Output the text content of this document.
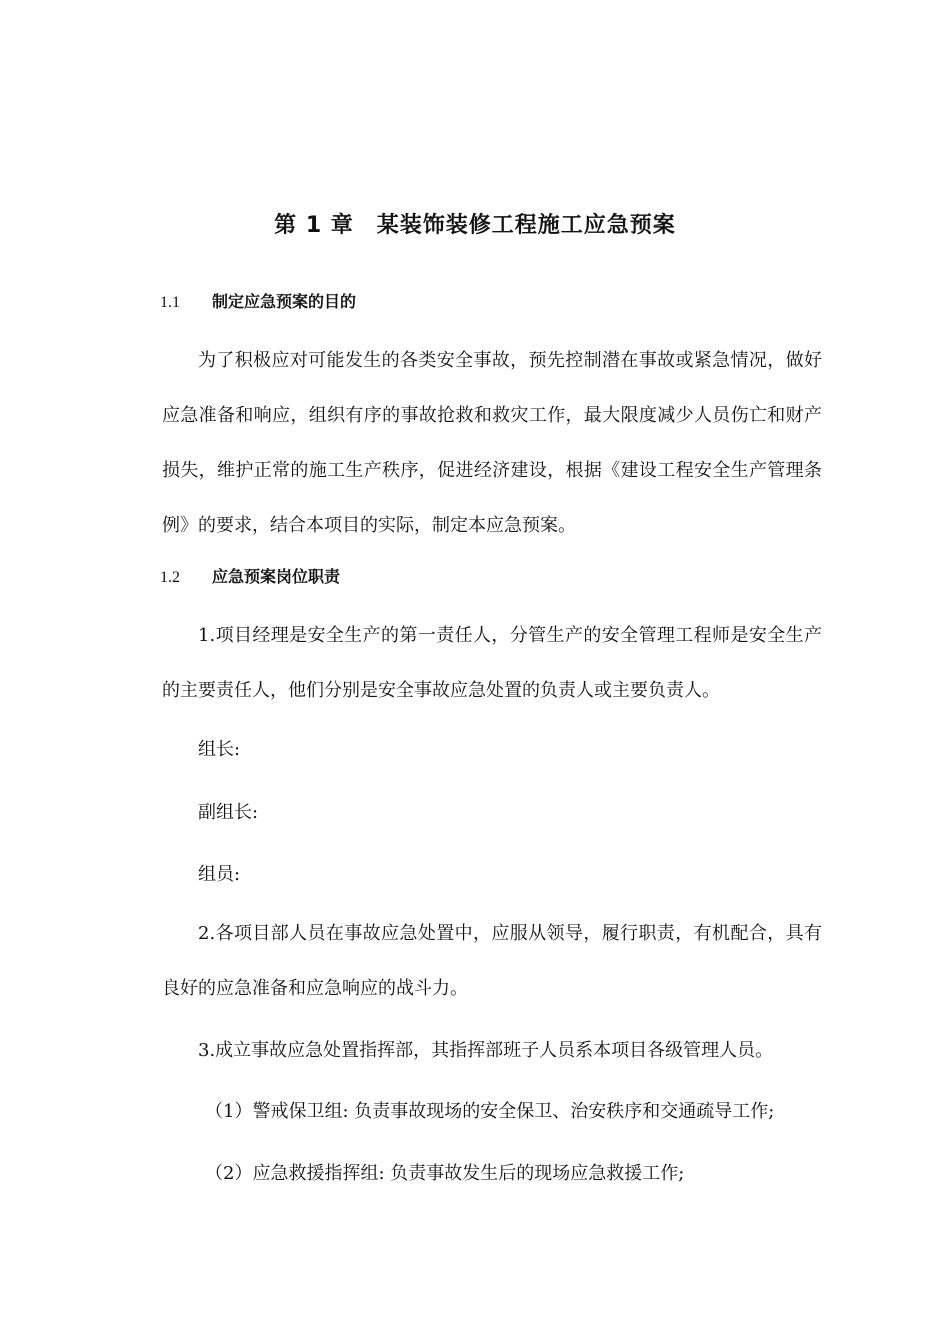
第 1 章　某装饰装修工程施工应急预案
1.1	制定应急预案的目的
为了积极应对可能发生的各类安全事故，预先控制潜在事故或紧急情况，做好应急准备和响应，组织有序的事故抢救和救灾工作，最大限度减少人员伤亡和财产损失，维护正常的施工生产秩序，促进经济建设，根据《建设工程安全生产管理条例》的要求，结合本项目的实际，制定本应急预案。
1.2	应急预案岗位职责
1.项目经理是安全生产的第一责任人，分管生产的安全管理工程师是安全生产的主要责任人，他们分别是安全事故应急处置的负责人或主要负责人。
组长:
副组长:
组员:
2.各项目部人员在事故应急处置中，应服从领导，履行职责，有机配合，具有良好的应急准备和应急响应的战斗力。
3.成立事故应急处置指挥部，其指挥部班子人员系本项目各级管理人员。
（1）警戒保卫组: 负责事故现场的安全保卫、治安秩序和交通疏导工作;
（2）应急救援指挥组: 负责事故发生后的现场应急救援工作;
